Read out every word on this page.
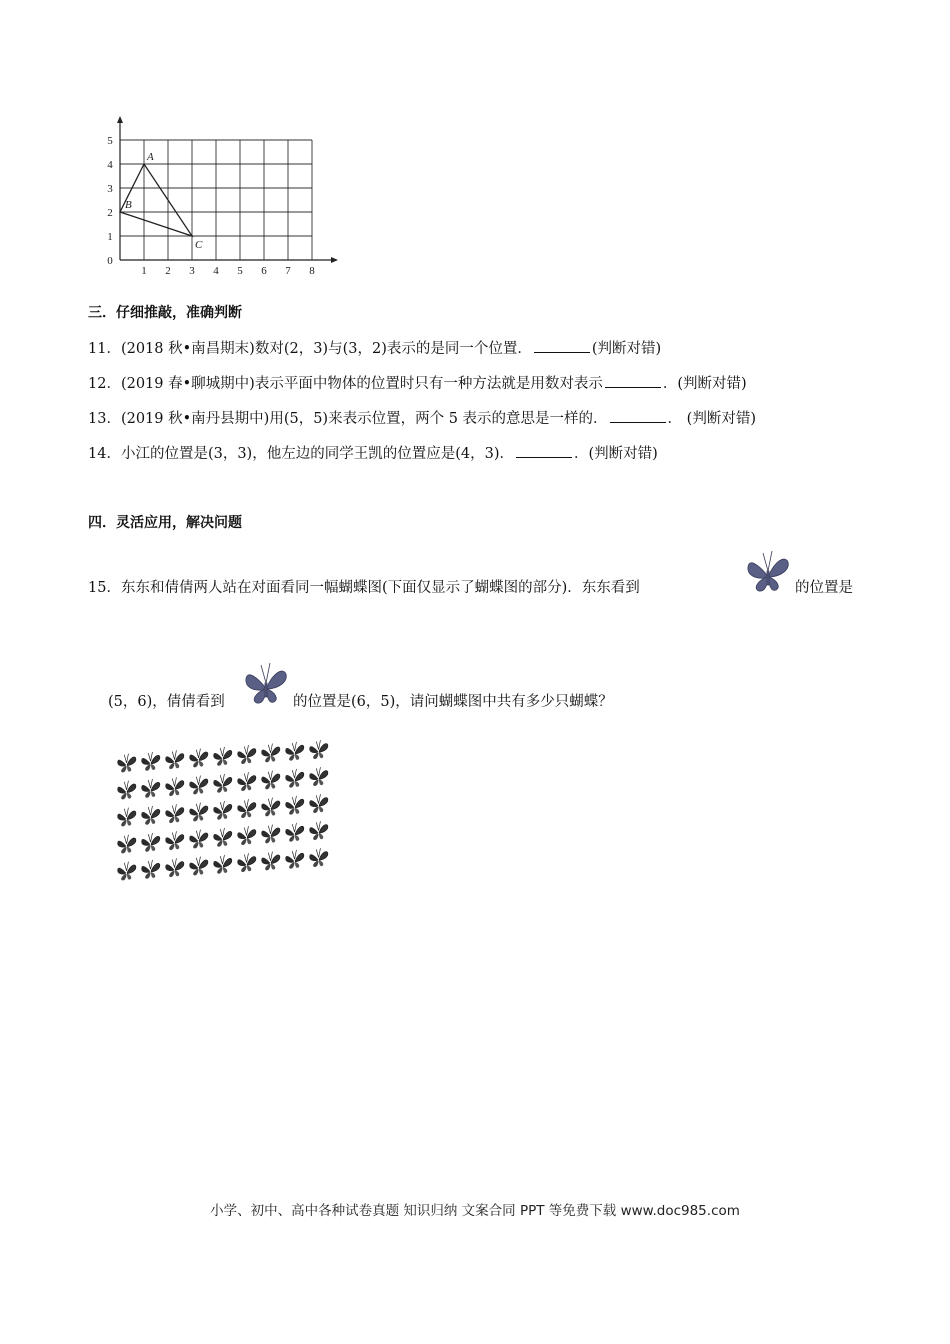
5
4
3
2
1
0
1 2 3 4 5 6 7 8
A
B
C
三．仔细推敲，准确判断
11．(2018 秋•南昌期末)数对(2，3)与(3，2)表示的是同一个位置．	(判断对错)
12．(2019 春•聊城期中)表示平面中物体的位置时只有一种方法就是用数对表示	．(判断对错)
13．(2019 秋•南丹县期中)用(5，5)来表示位置，两个 5 表示的意思是一样的．	． (判断对错)
14．小江的位置是(3，3)，他左边的同学王凯的位置应是(4，3)．	．(判断对错)
四．灵活应用，解决问题
15．东东和倩倩两人站在对面看同一幅蝴蝶图(下面仅显示了蝴蝶图的部分)．东东看到	的位置是
(5，6)，倩倩看到	的位置是(6，5)，请问蝴蝶图中共有多少只蝴蝶？
小学、初中、高中各种试卷真题 知识归纳 文案合同 PPT 等免费下载 www.doc985.com
